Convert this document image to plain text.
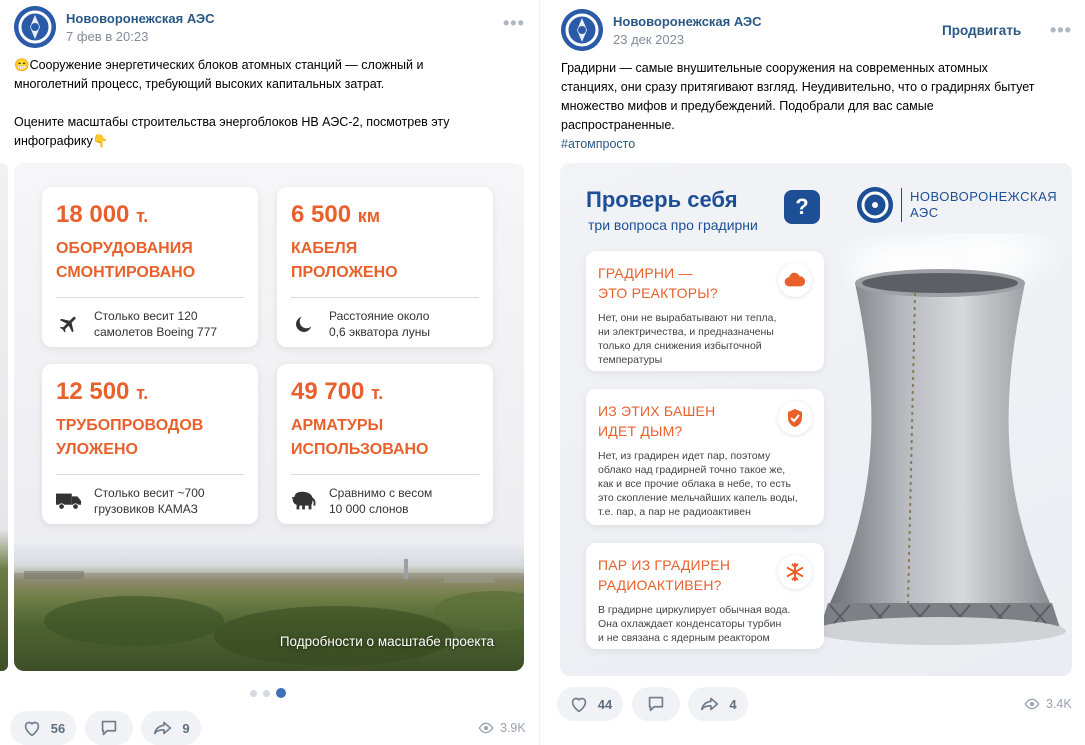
Нововоронежская АЭС
7 фев в 20:23
•••
😁Сооружение энергетических блоков атомных станций — сложный и
многолетний процесс, требующий высоких капитальных затрат.
Оцените масштабы строительства энергоблоков НВ АЭС-2, посмотрев эту
инфографику👇
18 000 т.
ОБОРУДОВАНИЯ
СМОНТИРОВАНО
Столько весит 120
самолетов Boeing 777
6 500 км
КАБЕЛЯ
ПРОЛОЖЕНО
Расстояние около
0,6 экватора луны
12 500 т.
ТРУБОПРОВОДОВ
УЛОЖЕНО
Столько весит ~700
грузовиков КАМАЗ
49 700 т.
АРМАТУРЫ
ИСПОЛЬЗОВАНО
Сравнимо с весом
10 000 слонов
Подробности о масштабе проекта
56	9	3.9K
Нововоронежская АЭС
23 дек 2023
Продвигать •••
Градирни — самые внушительные сооружения на современных атомных
станциях, они сразу притягивают взгляд. Неудивительно, что о градирнях бытует
множество мифов и предубеждений. Подобрали для вас самые
распространенные.
#атомпросто
Проверь себя
три вопроса про градирни
?	НОВОВОРОНЕЖСКАЯ
АЭС
ГРАДИРНИ —
ЭТО РЕАКТОРЫ?
Нет, они не вырабатывают ни тепла,
ни электричества, и предназначены
только для снижения избыточной
температуры
ИЗ ЭТИХ БАШЕН
ИДЕТ ДЫМ?
Нет, из градирен идет пар, поэтому
облако над градирней точно такое же,
как и все прочие облака в небе, то есть
это скопление мельчайших капель воды,
т.е. пар, а пар не радиоактивен
ПАР ИЗ ГРАДИРЕН
РАДИОАКТИВЕН?
В градирне циркулирует обычная вода.
Она охлаждает конденсаторы турбин
и не связана с ядерным реактором
44	4	3.4K
